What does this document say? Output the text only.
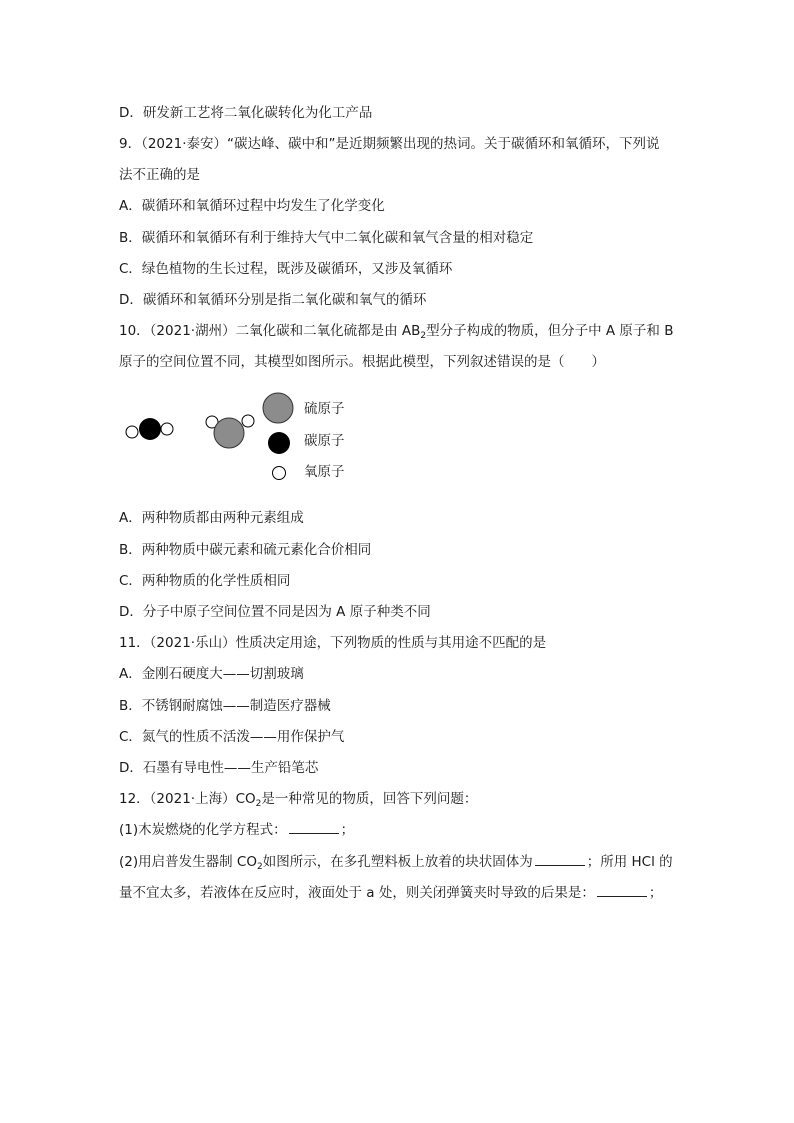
D．研发新工艺将二氧化碳转化为化工产品
9．（2021·泰安）“碳达峰、碳中和”是近期频繁出现的热词。关于碳循环和氧循环，下列说
法不正确的是
A．碳循环和氧循环过程中均发生了化学变化
B．碳循环和氧循环有利于维持大气中二氧化碳和氧气含量的相对稳定
C．绿色植物的生长过程，既涉及碳循环，又涉及氧循环
D．碳循环和氧循环分别是指二氧化碳和氧气的循环
10．（2021·湖州）二氧化碳和二氧化硫都是由 $AB_2$型分子构成的物质，但分子中 A 原子和 B
原子的空间位置不同，其模型如图所示。根据此模型，下列叙述错误的是（　　）
硫原子
碳原子
氧原子
A．两种物质都由两种元素组成
B．两种物质中碳元素和硫元素化合价相同
C．两种物质的化学性质相同
D．分子中原子空间位置不同是因为 A 原子种类不同
11．（2021·乐山）性质决定用途，下列物质的性质与其用途不匹配的是
A．金刚石硬度大——切割玻璃
B．不锈钢耐腐蚀——制造医疗器械
C．氮气的性质不活泼——用作保护气
D．石墨有导电性——生产铅笔芯
12．（2021·上海）$CO_2$是一种常见的物质，回答下列问题：
(1)木炭燃烧的化学方程式：	；
(2)用启普发生器制 $CO_2$如图所示，在多孔塑料板上放着的块状固体为	；所用 HCl 的
量不宜太多，若液体在反应时，液面处于 a 处，则关闭弹簧夹时导致的后果是：	；
